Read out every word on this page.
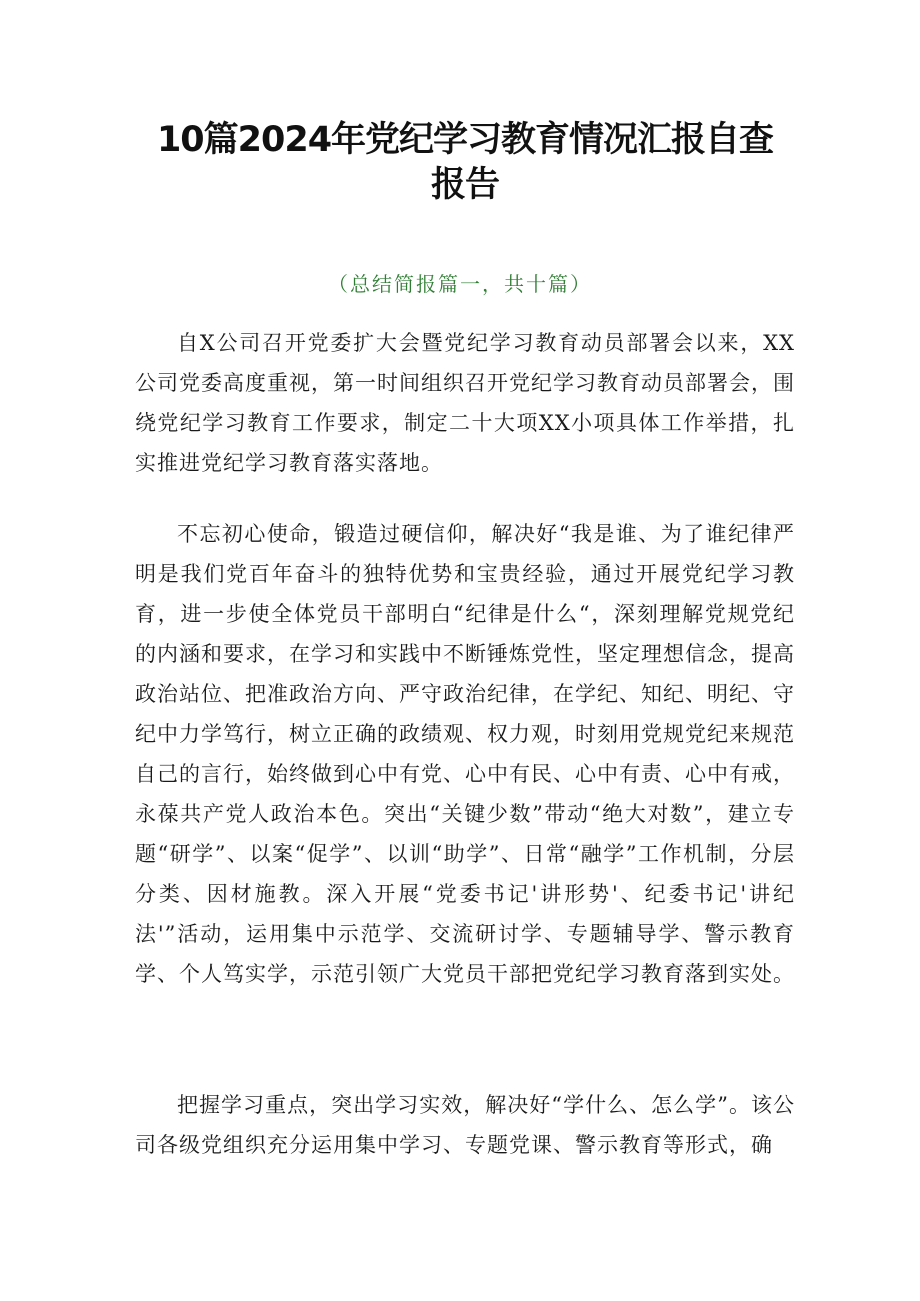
10篇2024年党纪学习教育情况汇报自查报告

（总结简报篇一，共十篇）

自X公司召开党委扩大会暨党纪学习教育动员部署会以来，XX公司党委高度重视，第一时间组织召开党纪学习教育动员部署会，围绕党纪学习教育工作要求，制定二十大项XX小项具体工作举措，扎实推进党纪学习教育落实落地。

不忘初心使命，锻造过硬信仰，解决好“我是谁、为了谁纪律严明是我们党百年奋斗的独特优势和宝贵经验，通过开展党纪学习教育，进一步使全体党员干部明白“纪律是什么“，深刻理解党规党纪的内涵和要求，在学习和实践中不断锤炼党性，坚定理想信念，提高政治站位、把准政治方向、严守政治纪律，在学纪、知纪、明纪、守纪中力学笃行，树立正确的政绩观、权力观，时刻用党规党纪来规范自己的言行，始终做到心中有党、心中有民、心中有责、心中有戒，永葆共产党人政治本色。突出“关键少数”带动“绝大对数”，建立专题“研学”、以案“促学”、以训“助学”、日常“融学”工作机制，分层分类、因材施教。深入开展“党委书记'讲形势'、纪委书记'讲纪法'”活动，运用集中示范学、交流研讨学、专题辅导学、警示教育学、个人笃实学，示范引领广大党员干部把党纪学习教育落到实处。

把握学习重点，突出学习实效，解决好“学什么、怎么学”。该公司各级党组织充分运用集中学习、专题党课、警示教育等形式，确
